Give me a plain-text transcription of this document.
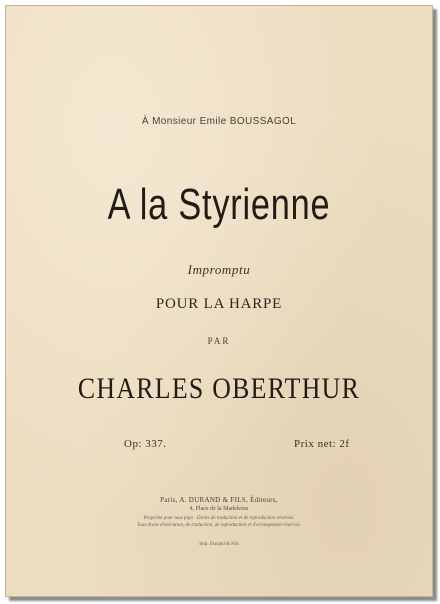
À Monsieur Emile BOUSSAGOL
A la Styrienne
Impromptu
POUR LA HARPE
PAR
CHARLES OBERTHUR
Op: 337.	Prix net: 2f
Paris, A. DURAND & FILS, Éditeurs,
4, Place de la Madeleine
Propriété pour tous pays · Droits de traduction et de reproduction réservés.
Tous droits d'exécution, de traduction, de reproduction et d'arrangement réservés.
Imp. Durand & Fils
